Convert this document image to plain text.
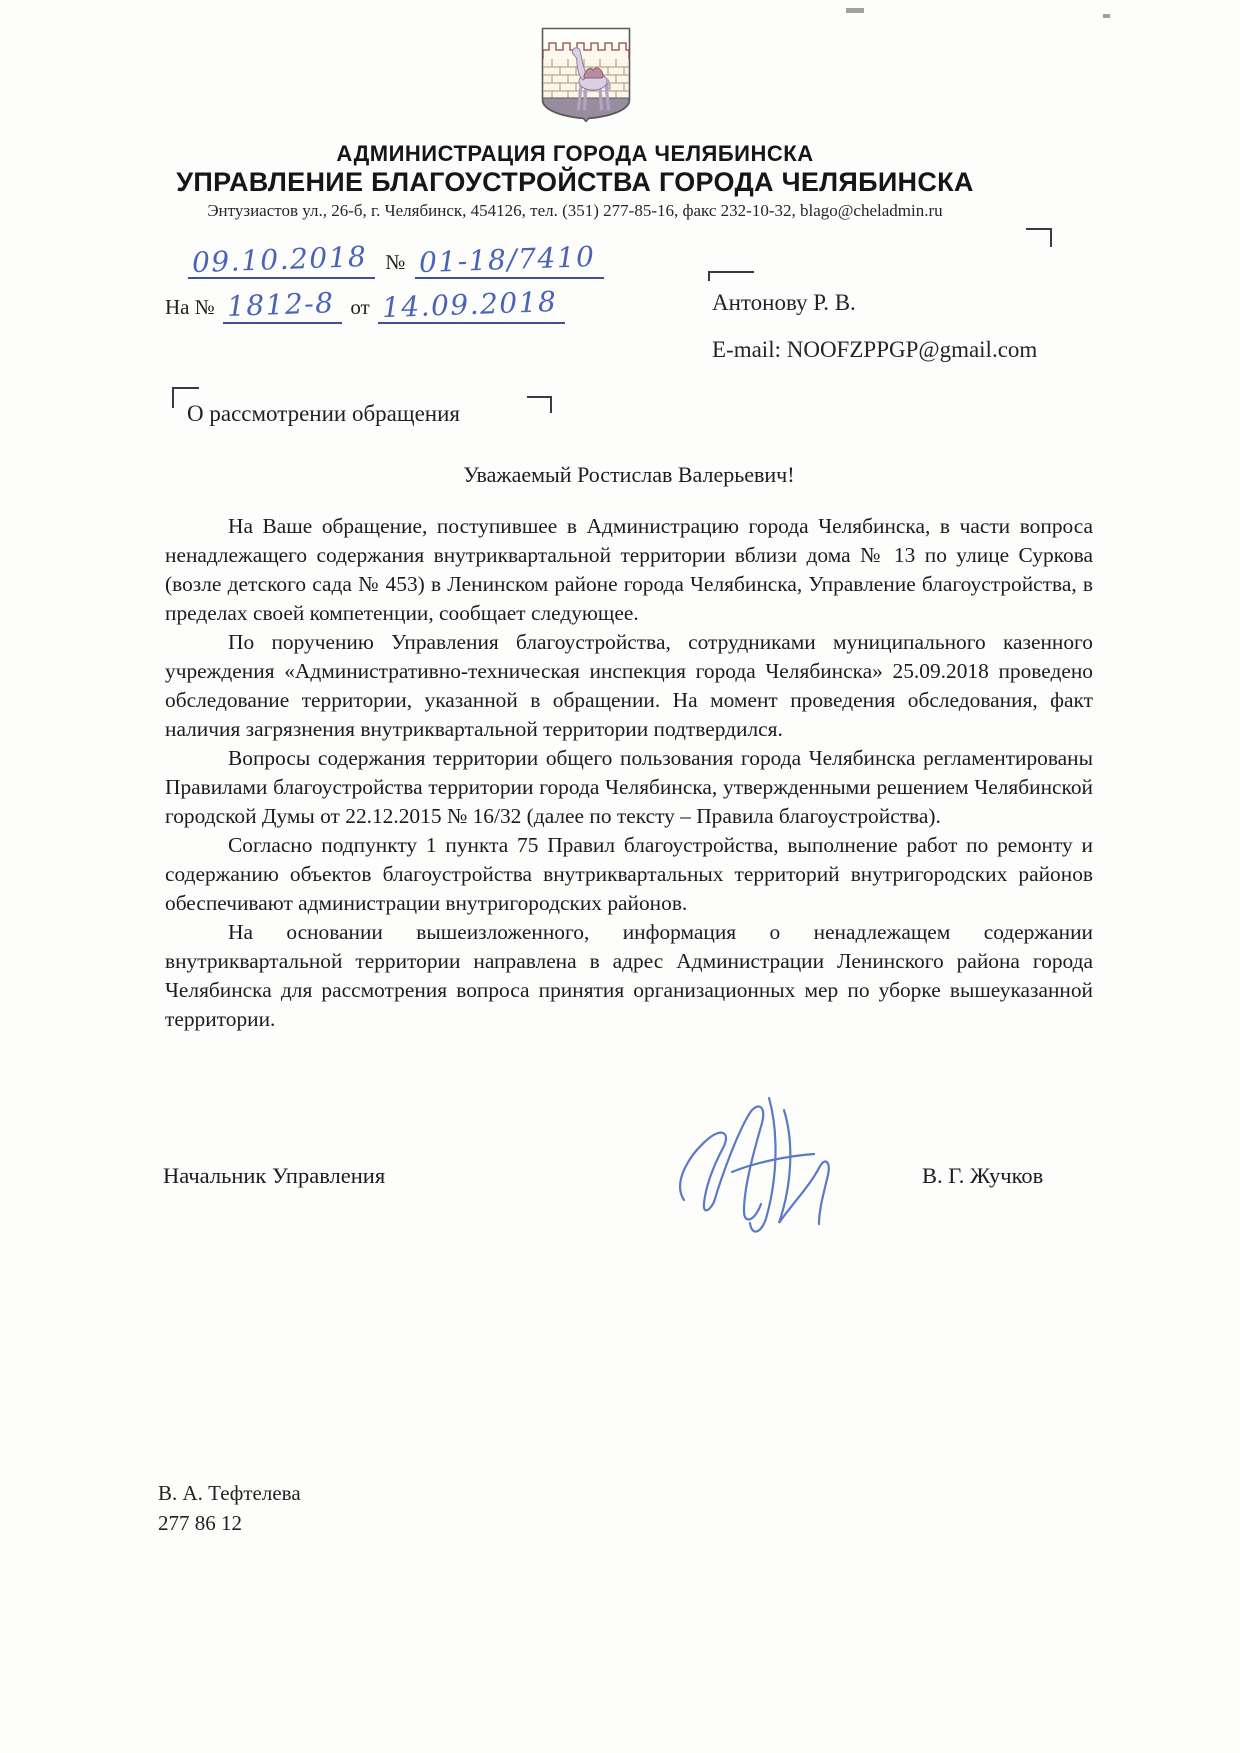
АДМИНИСТРАЦИЯ ГОРОДА ЧЕЛЯБИНСКА
УПРАВЛЕНИЕ БЛАГОУСТРОЙСТВА ГОРОДА ЧЕЛЯБИНСКА
Энтузиастов ул., 26-б, г. Челябинск, 454126, тел. (351) 277-85-16, факс 232-10-32, blago@cheladmin.ru
09.10.2018 № 01-18/7410
На № 1812-8 от 14.09.2018	Антонову Р. В.
E-mail: NOOFZPPGP@gmail.com
О рассмотрении обращения
Уважаемый Ростислав Валерьевич!

На Ваше обращение, поступившее в Администрацию города Челябинска, в части вопроса ненадлежащего содержания внутриквартальной территории вблизи дома № 13 по улице Суркова (возле детского сада № 453) в Ленинском районе города Челябинска, Управление благоустройства, в пределах своей компетенции, сообщает следующее.

По поручению Управления благоустройства, сотрудниками муниципального казенного учреждения «Административно-техническая инспекция города Челябинска» 25.09.2018 проведено обследование территории, указанной в обращении. На момент проведения обследования, факт наличия загрязнения внутриквартальной территории подтвердился.

Вопросы содержания территории общего пользования города Челябинска регламентированы Правилами благоустройства территории города Челябинска, утвержденными решением Челябинской городской Думы от 22.12.2015 № 16/32 (далее по тексту – Правила благоустройства).

Согласно подпункту 1 пункта 75 Правил благоустройства, выполнение работ по ремонту и содержанию объектов благоустройства внутриквартальных территорий внутригородских районов обеспечивают администрации внутригородских районов.

На основании вышеизложенного, информация о ненадлежащем содержании внутриквартальной территории направлена в адрес Администрации Ленинского района города Челябинска для рассмотрения вопроса принятия организационных мер по уборке вышеуказанной территории.

Начальник Управления	В. Г. Жучков
В. А. Тефтелева
277 86 12
